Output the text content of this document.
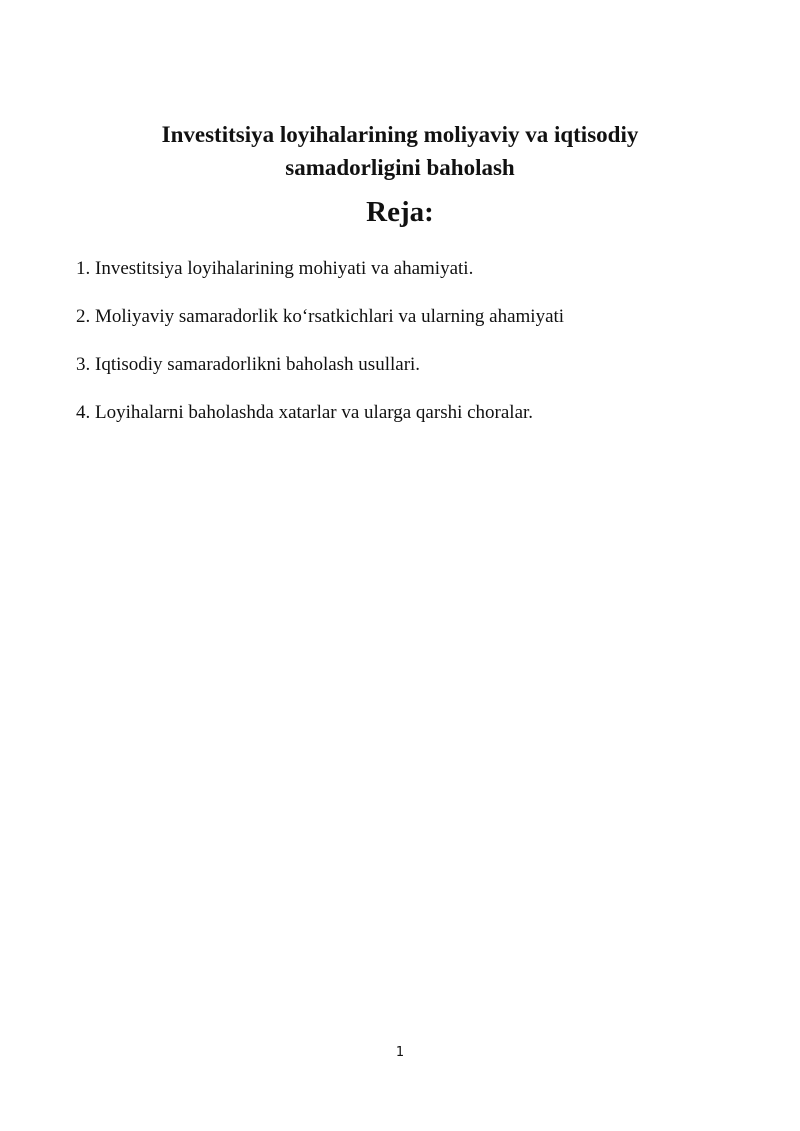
Investitsiya loyihalarining moliyaviy va iqtisodiy
samadorligini baholash
Reja:
1. Investitsiya loyihalarining mohiyati va ahamiyati.
2. Moliyaviy samaradorlik ko‘rsatkichlari va ularning ahamiyati
3. Iqtisodiy samaradorlikni baholash usullari.
4. Loyihalarni baholashda xatarlar va ularga qarshi choralar.
1
